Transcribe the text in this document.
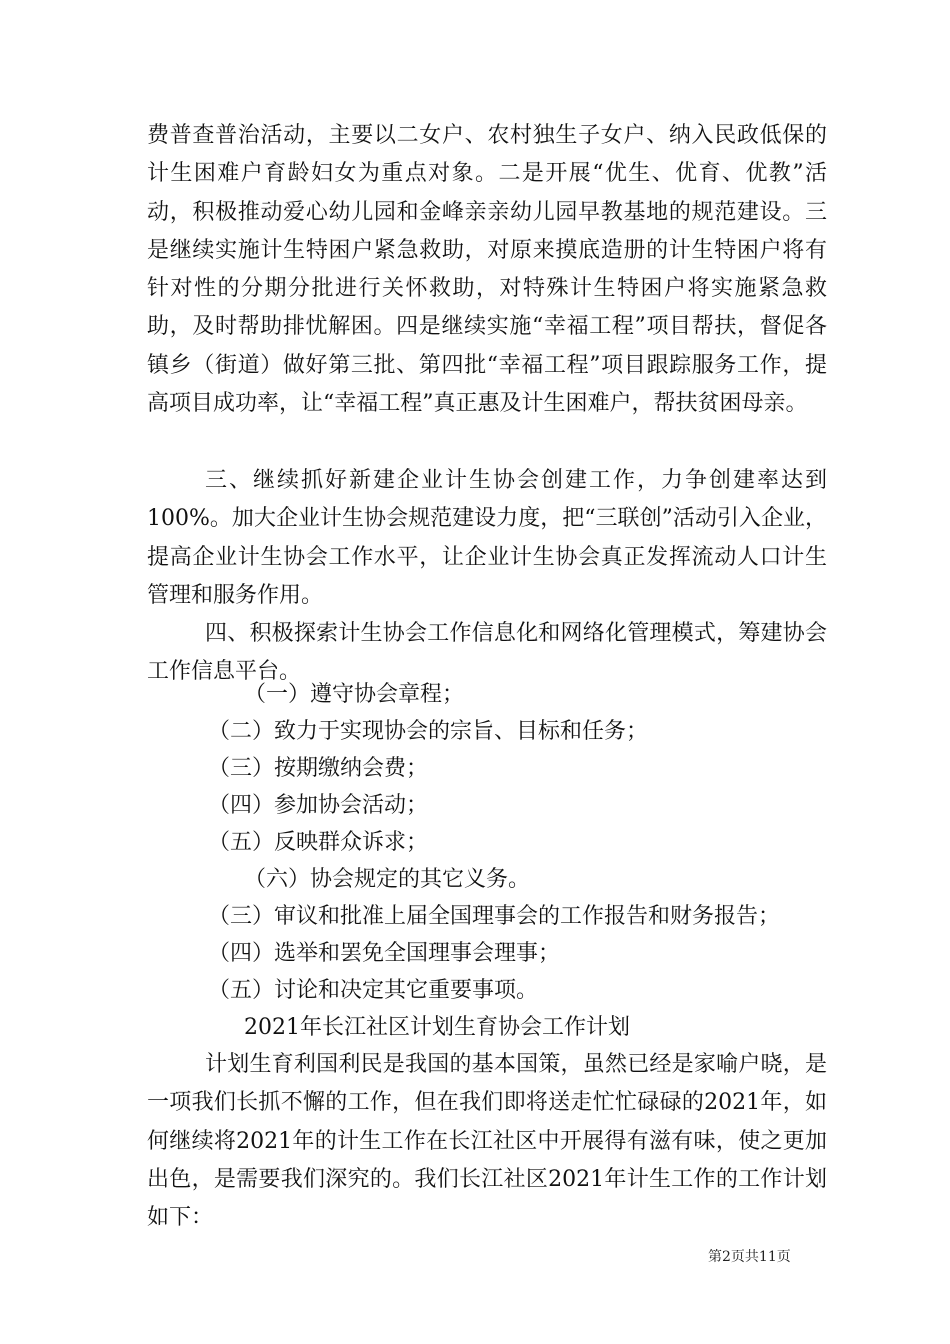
费普查普治活动，主要以二女户、农村独生子女户、纳入民政低保的计生困难户育龄妇女为重点对象。二是开展“优生、优育、优教”活动，积极推动爱心幼儿园和金峰亲亲幼儿园早教基地的规范建设。三是继续实施计生特困户紧急救助，对原来摸底造册的计生特困户将有针对性的分期分批进行关怀救助，对特殊计生特困户将实施紧急救助，及时帮助排忧解困。四是继续实施“幸福工程”项目帮扶，督促各镇乡（街道）做好第三批、第四批“幸福工程”项目跟踪服务工作，提高项目成功率，让“幸福工程”真正惠及计生困难户，帮扶贫困母亲。

三、继续抓好新建企业计生协会创建工作，力争创建率达到100%。加大企业计生协会规范建设力度，把“三联创”活动引入企业，提高企业计生协会工作水平，让企业计生协会真正发挥流动人口计生管理和服务作用。

四、积极探索计生协会工作信息化和网络化管理模式，筹建协会工作信息平台。

（一）遵守协会章程；

（二）致力于实现协会的宗旨、目标和任务；

（三）按期缴纳会费；

（四）参加协会活动；

（五）反映群众诉求；

（六）协会规定的其它义务。

（三）审议和批准上届全国理事会的工作报告和财务报告；

（四）选举和罢免全国理事会理事；

（五）讨论和决定其它重要事项。

2021年长江社区计划生育协会工作计划

计划生育利国利民是我国的基本国策，虽然已经是家喻户晓，是一项我们长抓不懈的工作，但在我们即将送走忙忙碌碌的2021年，如何继续将2021年的计生工作在长江社区中开展得有滋有味，使之更加出色，是需要我们深究的。我们长江社区2021年计生工作的工作计划如下：

第2页共11页
